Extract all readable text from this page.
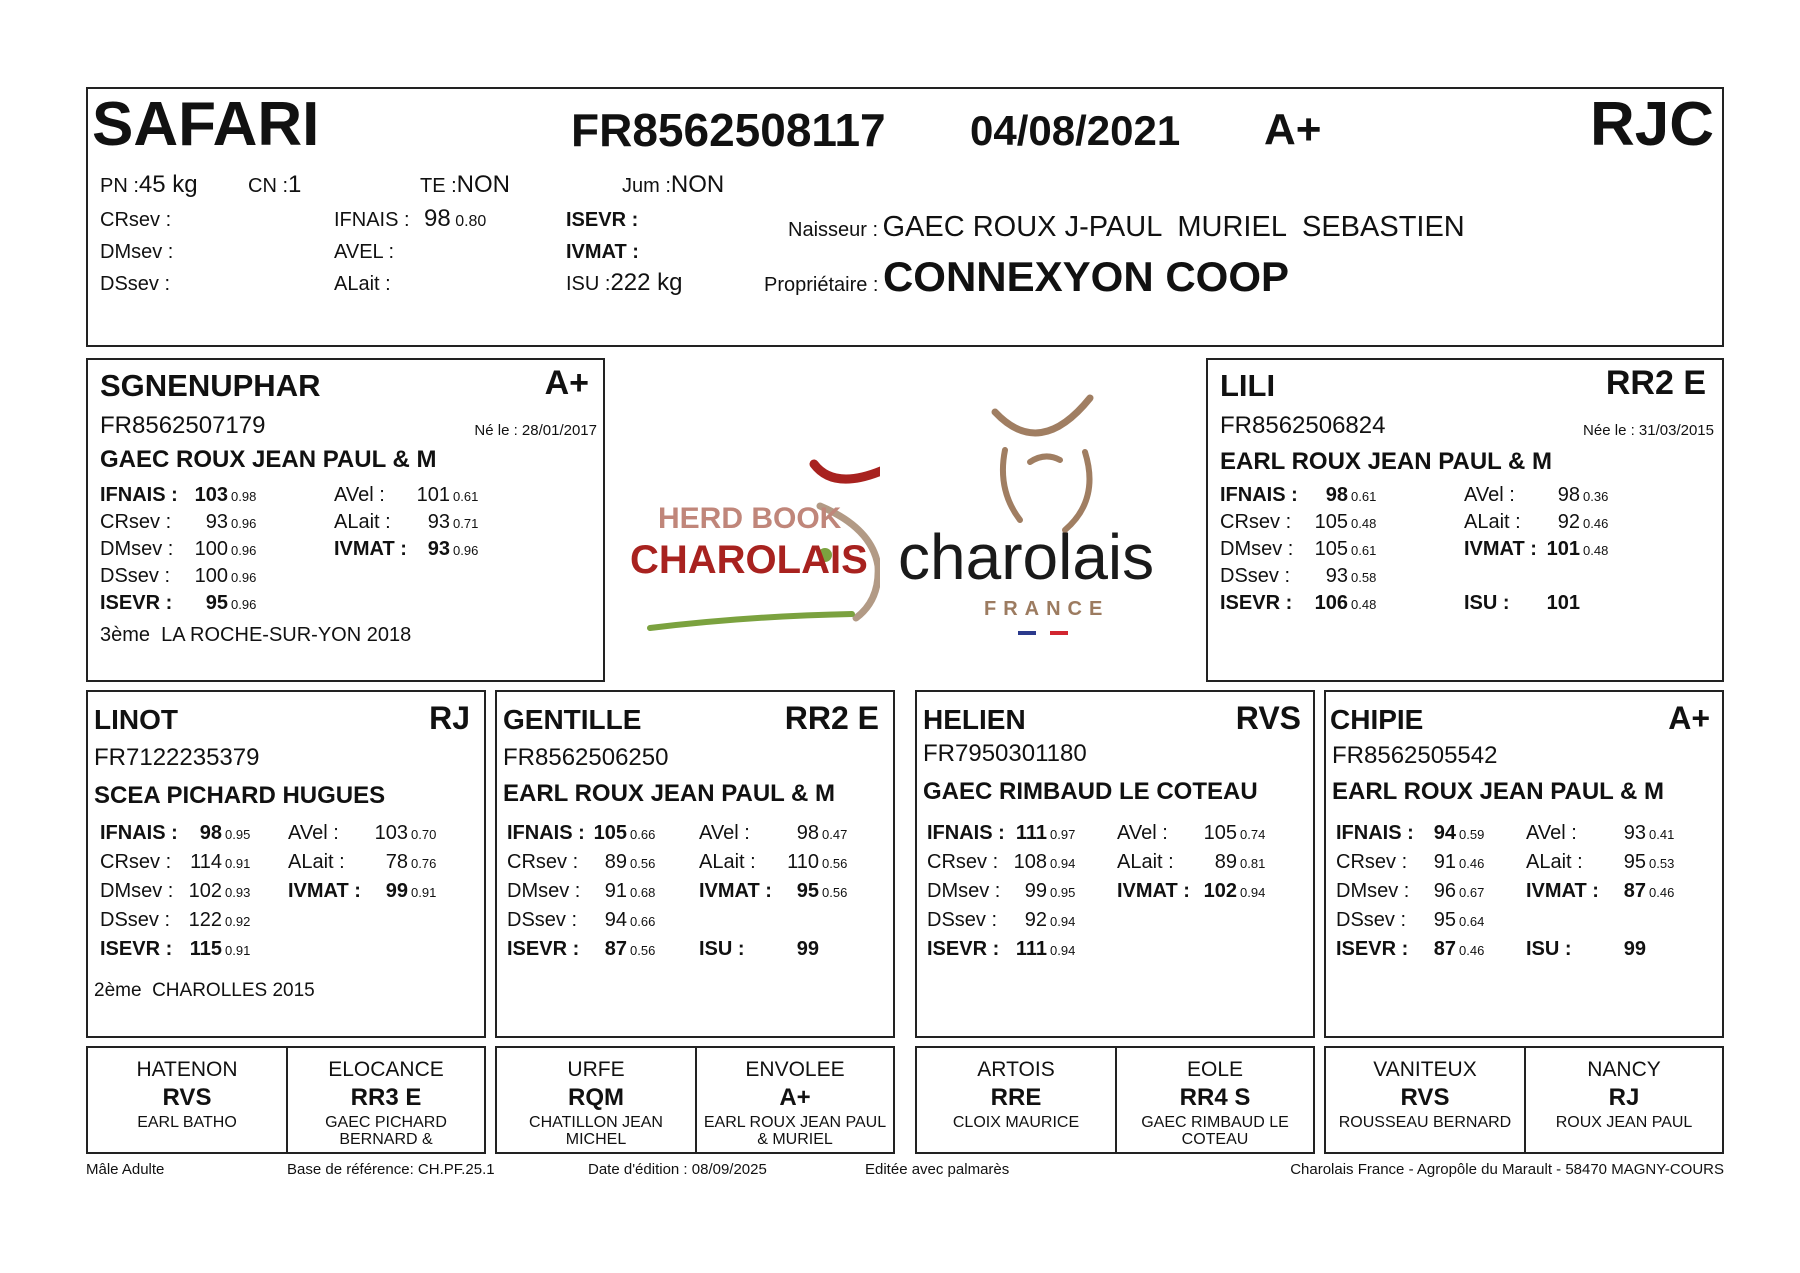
SAFARI	FR8562508117 04/08/2021 A+	RJC
PN :45 kg	CN :1	TE :NON	Jum :NON
CRsev :
DMsev :
DSsev :
IFNAIS : 98 0.80
AVEL :
ALait :
ISEVR :
IVMAT :
ISU :222 kg
Naisseur : GAEC ROUX J-PAUL  MURIEL  SEBASTIEN
Propriétaire : CONNEXYON COOP
SGNENUPHAR	A+
FR8562507179	Né le : 28/01/2017
GAEC ROUX JEAN PAUL & M
IFNAIS : 103 0.98
CRsev : 93 0.96
DMsev : 100 0.96
DSsev : 100 0.96
ISEVR : 95 0.96
AVel : 101 0.61
ALait : 93 0.71
IVMAT : 93 0.96
3ème  LA ROCHE-SUR-YON 2018
HERD BOOK
CHAROLAIS charolais
FRANCE
LILI	RR2 E
FR8562506824	Née le : 31/03/2015
EARL ROUX JEAN PAUL & M
IFNAIS : 98 0.61
CRsev : 105 0.48
DMsev : 105 0.61
DSsev : 93 0.58
ISEVR : 106 0.48
AVel : 98 0.36
ALait : 92 0.46
IVMAT : 101 0.48
ISU : 101
LINOT	RJ
FR7122235379
SCEA PICHARD HUGUES
IFNAIS : 98 0.95
CRsev : 114 0.91
DMsev : 102 0.93
DSsev : 122 0.92
ISEVR : 115 0.91
AVel : 103 0.70
ALait : 78 0.76
IVMAT : 99 0.91
2ème  CHAROLLES 2015
GENTILLE	RR2 E
FR8562506250
EARL ROUX JEAN PAUL & M
IFNAIS : 105 0.66
CRsev : 89 0.56
DMsev : 91 0.68
DSsev : 94 0.66
ISEVR : 87 0.56
AVel : 98 0.47
ALait : 110 0.56
IVMAT : 95 0.56
ISU :	99
HELIEN	RVS
FR7950301180
GAEC RIMBAUD LE COTEAU
IFNAIS : 111 0.97
CRsev : 108 0.94
DMsev : 99 0.95
DSsev : 92 0.94
ISEVR : 111 0.94
AVel : 105 0.74
ALait : 89 0.81
IVMAT : 102 0.94
CHIPIE	A+
FR8562505542
EARL ROUX JEAN PAUL & M
IFNAIS : 94 0.59
CRsev : 91 0.46
DMsev : 96 0.67
DSsev : 95 0.64
ISEVR : 87 0.46
AVel : 93 0.41
ALait : 95 0.53
IVMAT : 87 0.46
ISU :	99
HATENON
RVS
EARL BATHO
ELOCANCE
RR3 E
GAEC PICHARD BERNARD &
URFE
RQM
CHATILLON JEAN MICHEL
ENVOLEE
A+
EARL ROUX JEAN PAUL & MURIEL
ARTOIS
RRE
CLOIX MAURICE
EOLE
RR4 S
GAEC RIMBAUD LE COTEAU
VANITEUX
RVS
ROUSSEAU BERNARD
NANCY
RJ
ROUX JEAN PAUL
Mâle Adulte	Base de référence: CH.PF.25.1	Date d'édition : 08/09/2025	Editée avec palmarès	Charolais France - Agropôle du Marault - 58470 MAGNY-COURS
